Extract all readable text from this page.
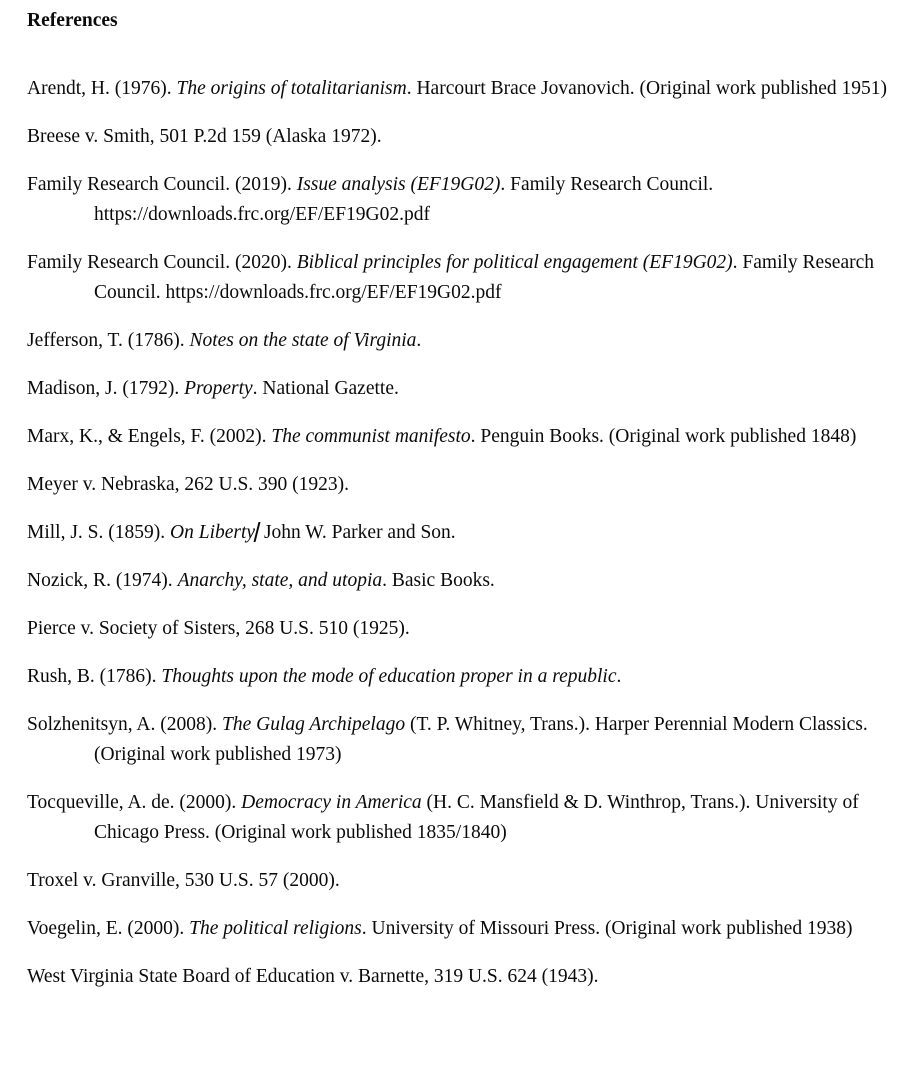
References

Arendt, H. (1976). The origins of totalitarianism. Harcourt Brace Jovanovich. (Original work published 1951)

Breese v. Smith, 501 P.2d 159 (Alaska 1972).

Family Research Council. (2019). Issue analysis (EF19G02). Family Research Council. https://downloads.frc.org/EF/EF19G02.pdf

Family Research Council. (2020). Biblical principles for political engagement (EF19G02). Family Research Council. https://downloads.frc.org/EF/EF19G02.pdf

Jefferson, T. (1786). Notes on the state of Virginia.

Madison, J. (1792). Property. National Gazette.

Marx, K., & Engels, F. (2002). The communist manifesto. Penguin Books. (Original work published 1848)

Meyer v. Nebraska, 262 U.S. 390 (1923).

Mill, J. S. (1859). On Liberty John W. Parker and Son.

Nozick, R. (1974). Anarchy, state, and utopia. Basic Books.

Pierce v. Society of Sisters, 268 U.S. 510 (1925).

Rush, B. (1786). Thoughts upon the mode of education proper in a republic.

Solzhenitsyn, A. (2008). The Gulag Archipelago (T. P. Whitney, Trans.). Harper Perennial Modern Classics. (Original work published 1973)

Tocqueville, A. de. (2000). Democracy in America (H. C. Mansfield & D. Winthrop, Trans.). University of Chicago Press. (Original work published 1835/1840)

Troxel v. Granville, 530 U.S. 57 (2000).

Voegelin, E. (2000). The political religions. University of Missouri Press. (Original work published 1938)

West Virginia State Board of Education v. Barnette, 319 U.S. 624 (1943).
